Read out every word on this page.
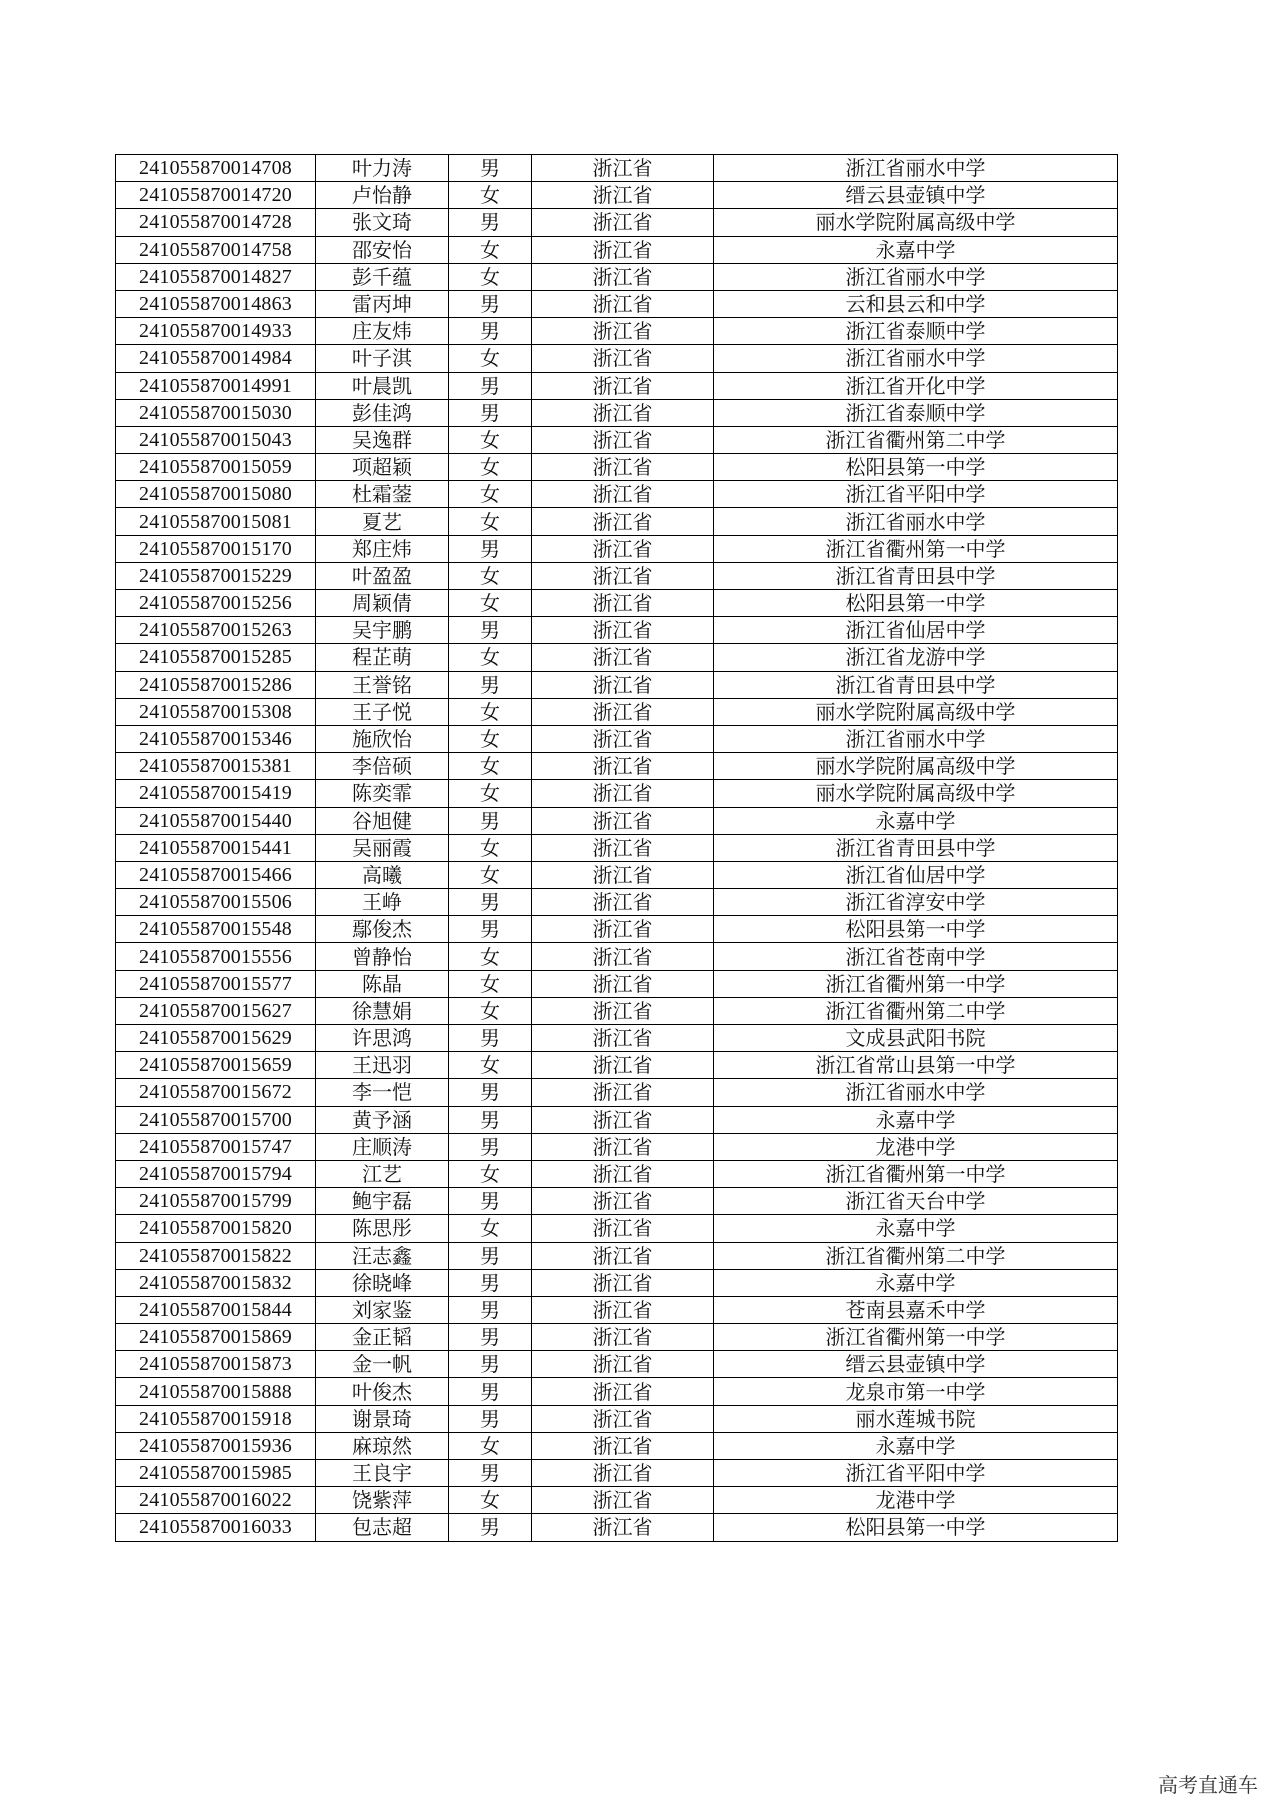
241055870014708	叶力涛	男	浙江省	浙江省丽水中学
241055870014720	卢怡静	女	浙江省	缙云县壶镇中学
241055870014728	张文琦	男	浙江省	丽水学院附属高级中学
241055870014758	邵安怡	女	浙江省	永嘉中学
241055870014827	彭千蕴	女	浙江省	浙江省丽水中学
241055870014863	雷丙坤	男	浙江省	云和县云和中学
241055870014933	庄友炜	男	浙江省	浙江省泰顺中学
241055870014984	叶子淇	女	浙江省	浙江省丽水中学
241055870014991	叶晨凯	男	浙江省	浙江省开化中学
241055870015030	彭佳鸿	男	浙江省	浙江省泰顺中学
241055870015043	吴逸群	女	浙江省	浙江省衢州第二中学
241055870015059	项超颖	女	浙江省	松阳县第一中学
241055870015080	杜霜蓥	女	浙江省	浙江省平阳中学
241055870015081	夏艺	女	浙江省	浙江省丽水中学
241055870015170	郑庄炜	男	浙江省	浙江省衢州第一中学
241055870015229	叶盈盈	女	浙江省	浙江省青田县中学
241055870015256	周颖倩	女	浙江省	松阳县第一中学
241055870015263	吴宇鹏	男	浙江省	浙江省仙居中学
241055870015285	程芷萌	女	浙江省	浙江省龙游中学
241055870015286	王誉铭	男	浙江省	浙江省青田县中学
241055870015308	王子悦	女	浙江省	丽水学院附属高级中学
241055870015346	施欣怡	女	浙江省	浙江省丽水中学
241055870015381	李倍硕	女	浙江省	丽水学院附属高级中学
241055870015419	陈奕霏	女	浙江省	丽水学院附属高级中学
241055870015440	谷旭健	男	浙江省	永嘉中学
241055870015441	吴丽霞	女	浙江省	浙江省青田县中学
241055870015466	高曦	女	浙江省	浙江省仙居中学
241055870015506	王峥	男	浙江省	浙江省淳安中学
241055870015548	鄢俊杰	男	浙江省	松阳县第一中学
241055870015556	曾静怡	女	浙江省	浙江省苍南中学
241055870015577	陈晶	女	浙江省	浙江省衢州第一中学
241055870015627	徐慧娟	女	浙江省	浙江省衢州第二中学
241055870015629	许思鸿	男	浙江省	文成县武阳书院
241055870015659	王迅羽	女	浙江省	浙江省常山县第一中学
241055870015672	李一恺	男	浙江省	浙江省丽水中学
241055870015700	黄予涵	男	浙江省	永嘉中学
241055870015747	庄顺涛	男	浙江省	龙港中学
241055870015794	江艺	女	浙江省	浙江省衢州第一中学
241055870015799	鲍宇磊	男	浙江省	浙江省天台中学
241055870015820	陈思彤	女	浙江省	永嘉中学
241055870015822	汪志鑫	男	浙江省	浙江省衢州第二中学
241055870015832	徐晓峰	男	浙江省	永嘉中学
241055870015844	刘家鉴	男	浙江省	苍南县嘉禾中学
241055870015869	金正韬	男	浙江省	浙江省衢州第一中学
241055870015873	金一帆	男	浙江省	缙云县壶镇中学
241055870015888	叶俊杰	男	浙江省	龙泉市第一中学
241055870015918	谢景琦	男	浙江省	丽水莲城书院
241055870015936	麻琼然	女	浙江省	永嘉中学
241055870015985	王良宇	男	浙江省	浙江省平阳中学
241055870016022	饶紫萍	女	浙江省	龙港中学
241055870016033	包志超	男	浙江省	松阳县第一中学
高考直通车
